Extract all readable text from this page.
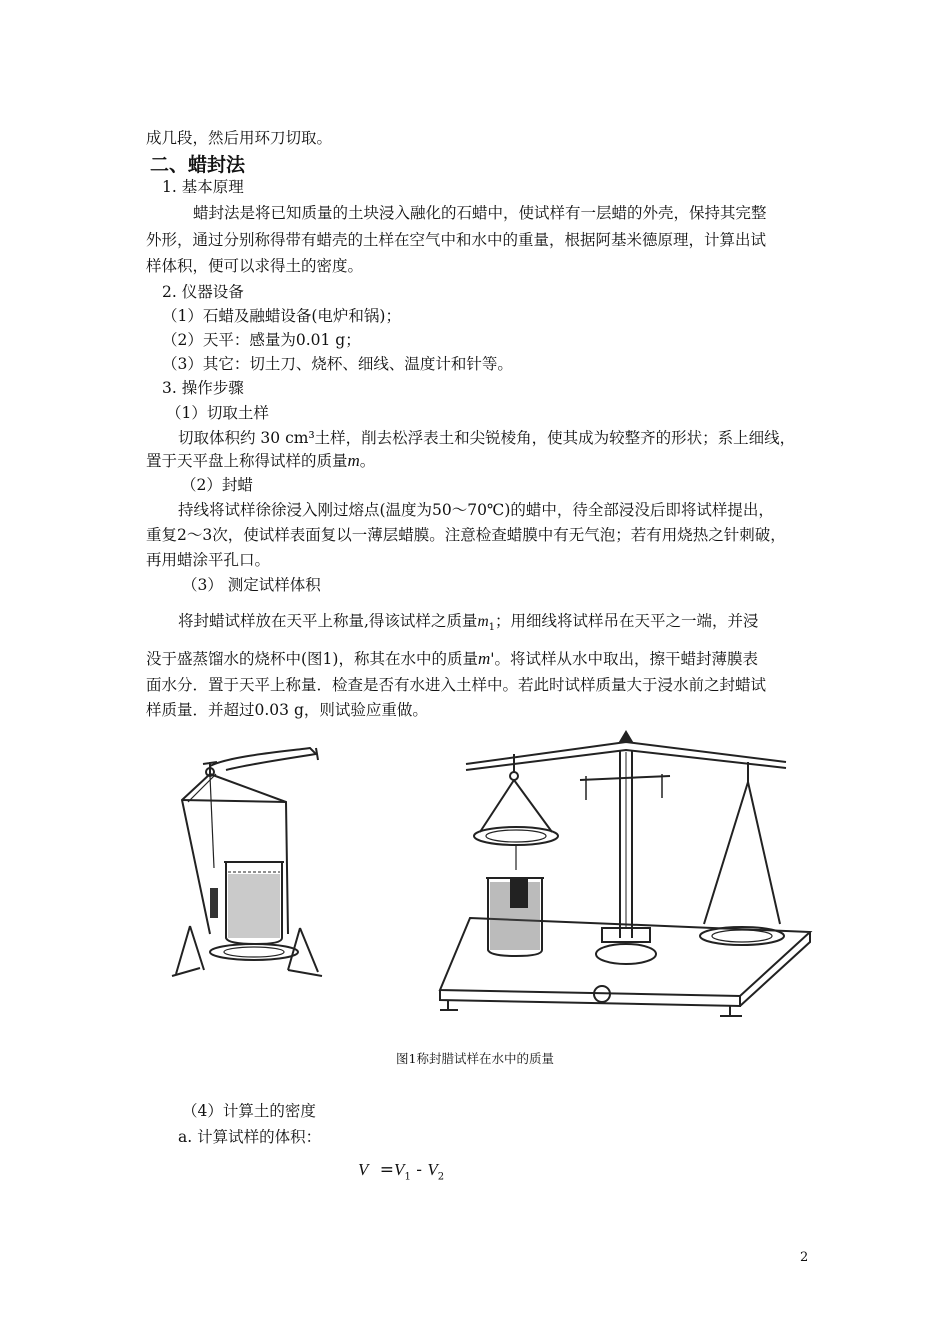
成几段，然后用环刀切取。
二、蜡封法
1. 基本原理
蜡封法是将已知质量的土块浸入融化的石蜡中，使试样有一层蜡的外壳，保持其完整
外形，通过分别称得带有蜡壳的土样在空气中和水中的重量，根据阿基米德原理，计算出试
样体积，便可以求得土的密度。
2. 仪器设备
（1）石蜡及融蜡设备(电炉和锅)；
（2）天平：感量为0.01 g；
（3）其它：切土刀、烧杯、细线、温度计和针等。
3. 操作步骤
（1）切取土样
切取体积约 30 cm³土样，削去松浮表土和尖锐棱角，使其成为较整齐的形状；系上细线，
置于天平盘上称得试样的质量m。
（2）封蜡
持线将试样徐徐浸入刚过熔点(温度为50～70℃)的蜡中，待全部浸没后即将试样提出，
重复2～3次，使试样表面复以一薄层蜡膜。注意检查蜡膜中有无气泡；若有用烧热之针刺破，
再用蜡涂平孔口。
（3） 测定试样体积
将封蜡试样放在天平上称量,得该试样之质量$m_1$；用细线将试样吊在天平之一端，并浸
没于盛蒸馏水的烧杯中(图1)，称其在水中的质量m'。将试样从水中取出，擦干蜡封薄膜表
面水分．置于天平上称量．检查是否有水进入土样中。若此时试样质量大于浸水前之封蜡试
样质量．并超过0.03 g，则试验应重做。
图1称封腊试样在水中的质量
（4）计算土的密度
a. 计算试样的体积：
$V =V_1 - V_2$
2
